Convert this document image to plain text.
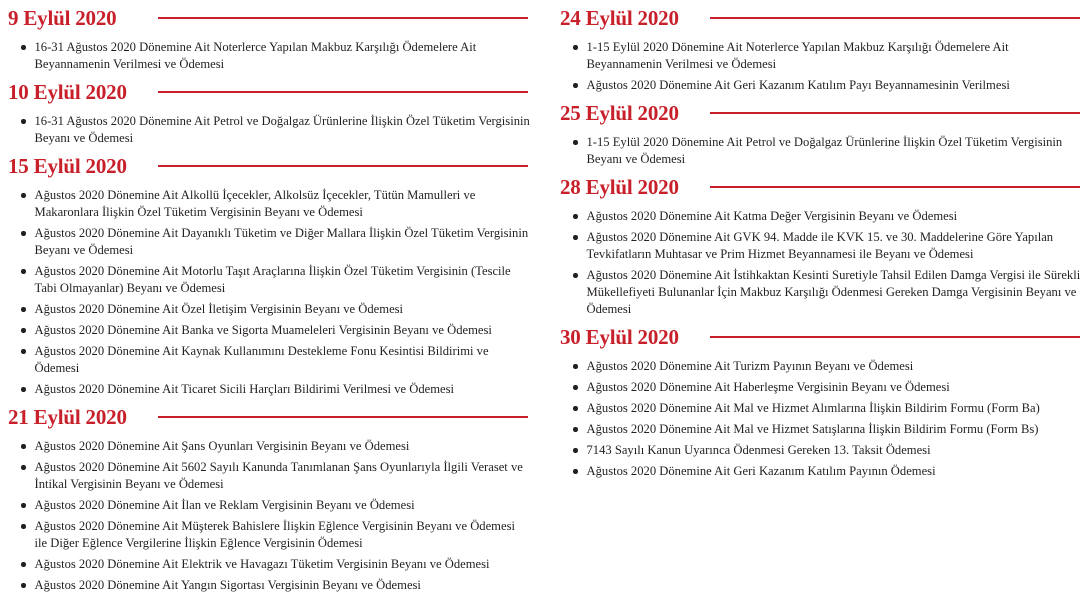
9 Eylül 2020
16-31 Ağustos 2020 Dönemine Ait Noterlerce Yapılan Makbuz Karşılığı Ödemelere Ait Beyannamenin Verilmesi ve Ödemesi
10 Eylül 2020
16-31 Ağustos 2020 Dönemine Ait Petrol ve Doğalgaz Ürünlerine İlişkin Özel Tüketim Vergisinin Beyanı ve Ödemesi
15 Eylül 2020
Ağustos 2020 Dönemine Ait Alkollü İçecekler, Alkolsüz İçecekler, Tütün Mamulleri ve Makaronlara İlişkin Özel Tüketim Vergisinin Beyanı ve Ödemesi
Ağustos 2020 Dönemine Ait Dayanıklı Tüketim ve Diğer Mallara İlişkin Özel Tüketim Vergisinin Beyanı ve Ödemesi
Ağustos 2020 Dönemine Ait Motorlu Taşıt Araçlarına İlişkin Özel Tüketim Vergisinin (Tescile Tabi Olmayanlar) Beyanı ve Ödemesi
Ağustos 2020 Dönemine Ait Özel İletişim Vergisinin Beyanı ve Ödemesi
Ağustos 2020 Dönemine Ait Banka ve Sigorta Muameleleri Vergisinin Beyanı ve Ödemesi
Ağustos 2020 Dönemine Ait Kaynak Kullanımını Destekleme Fonu Kesintisi Bildirimi ve Ödemesi
Ağustos 2020 Dönemine Ait Ticaret Sicili Harçları Bildirimi Verilmesi ve Ödemesi
21 Eylül 2020
Ağustos 2020 Dönemine Ait Şans Oyunları Vergisinin Beyanı ve Ödemesi
Ağustos 2020 Dönemine Ait 5602 Sayılı Kanunda Tanımlanan Şans Oyunlarıyla İlgili Veraset ve İntikal Vergisinin Beyanı ve Ödemesi
Ağustos 2020 Dönemine Ait İlan ve Reklam Vergisinin Beyanı ve Ödemesi
Ağustos 2020 Dönemine Ait Müşterek Bahislere İlişkin Eğlence Vergisinin Beyanı ve Ödemesi ile Diğer Eğlence Vergilerine İlişkin Eğlence Vergisinin Ödemesi
Ağustos 2020 Dönemine Ait Elektrik ve Havagazı Tüketim Vergisinin Beyanı ve Ödemesi
Ağustos 2020 Dönemine Ait Yangın Sigortası Vergisinin Beyanı ve Ödemesi
24 Eylül 2020
1-15 Eylül 2020 Dönemine Ait Noterlerce Yapılan Makbuz Karşılığı Ödemelere Ait Beyannamenin Verilmesi ve Ödemesi
Ağustos 2020 Dönemine Ait Geri Kazanım Katılım Payı Beyannamesinin Verilmesi
25 Eylül 2020
1-15 Eylül 2020 Dönemine Ait Petrol ve Doğalgaz Ürünlerine İlişkin Özel Tüketim Vergisinin Beyanı ve Ödemesi
28 Eylül 2020
Ağustos 2020 Dönemine Ait Katma Değer Vergisinin Beyanı ve Ödemesi
Ağustos 2020 Dönemine Ait GVK 94. Madde ile KVK 15. ve 30. Maddelerine Göre Yapılan Tevkifatların Muhtasar ve Prim Hizmet Beyannamesi ile Beyanı ve Ödemesi
Ağustos 2020 Dönemine Ait İstihkaktan Kesinti Suretiyle Tahsil Edilen Damga Vergisi ile Sürekli Mükellefiyeti Bulunanlar İçin Makbuz Karşılığı Ödenmesi Gereken Damga Vergisinin Beyanı ve Ödemesi
30 Eylül 2020
Ağustos 2020 Dönemine Ait Turizm Payının Beyanı ve Ödemesi
Ağustos 2020 Dönemine Ait Haberleşme Vergisinin Beyanı ve Ödemesi
Ağustos 2020 Dönemine Ait Mal ve Hizmet Alımlarına İlişkin Bildirim Formu (Form Ba)
Ağustos 2020 Dönemine Ait Mal ve Hizmet Satışlarına İlişkin Bildirim Formu (Form Bs)
7143 Sayılı Kanun Uyarınca Ödenmesi Gereken 13. Taksit Ödemesi
Ağustos 2020 Dönemine Ait Geri Kazanım Katılım Payının Ödemesi
